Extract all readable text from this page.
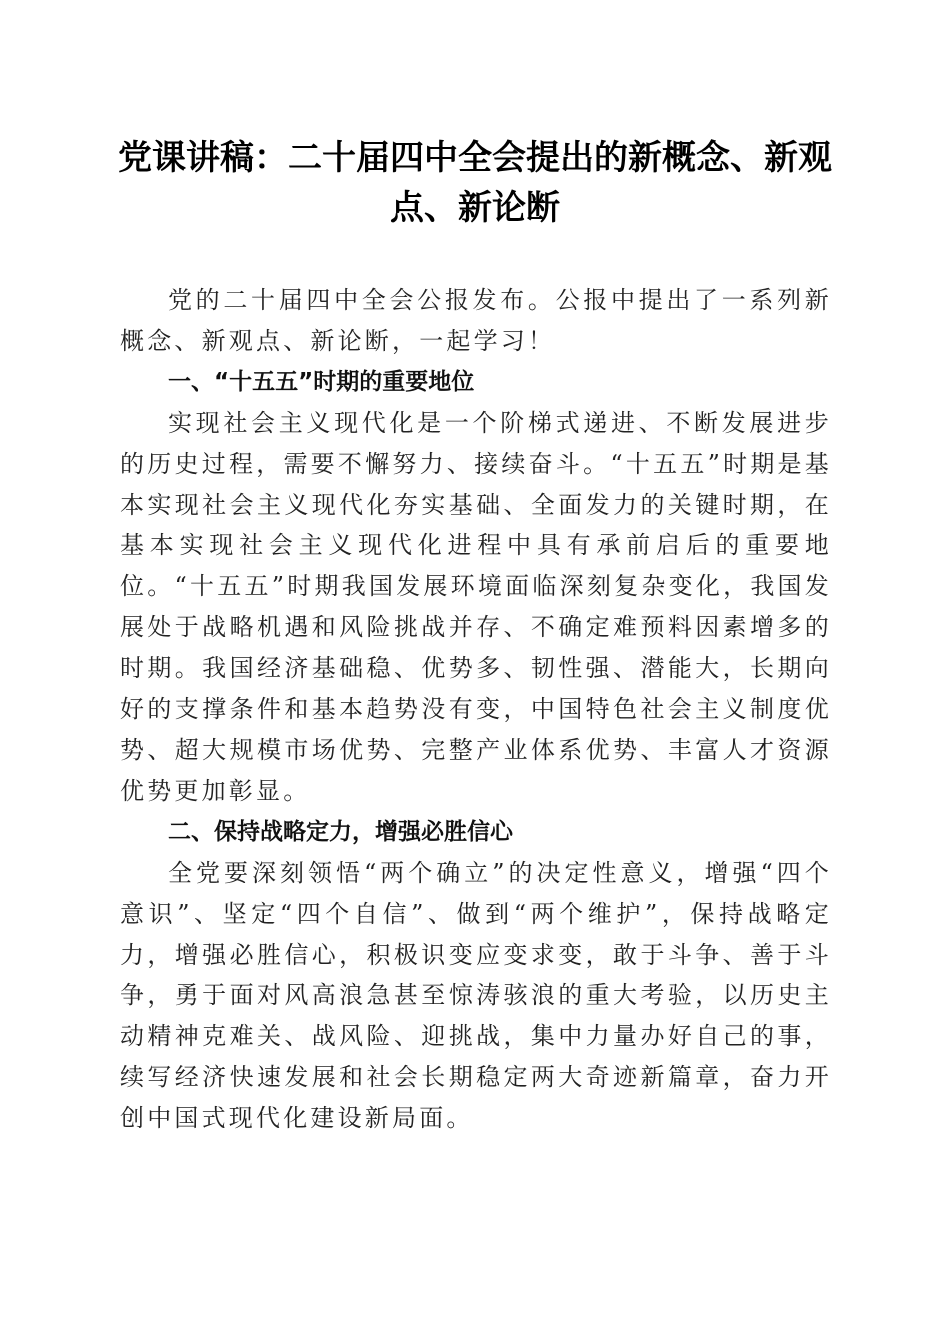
党课讲稿：二十届四中全会提出的新概念、新观点、新论断

党的二十届四中全会公报发布。公报中提出了一系列新概念、新观点、新论断，一起学习！

一、“十五五”时期的重要地位

实现社会主义现代化是一个阶梯式递进、不断发展进步的历史过程，需要不懈努力、接续奋斗。“十五五”时期是基本实现社会主义现代化夯实基础、全面发力的关键时期，在基本实现社会主义现代化进程中具有承前启后的重要地位。“十五五”时期我国发展环境面临深刻复杂变化，我国发展处于战略机遇和风险挑战并存、不确定难预料因素增多的时期。我国经济基础稳、优势多、韧性强、潜能大，长期向好的支撑条件和基本趋势没有变，中国特色社会主义制度优势、超大规模市场优势、完整产业体系优势、丰富人才资源优势更加彰显。

二、保持战略定力，增强必胜信心

全党要深刻领悟“两个确立”的决定性意义，增强“四个意识”、坚定“四个自信”、做到“两个维护”，保持战略定力，增强必胜信心，积极识变应变求变，敢于斗争、善于斗争，勇于面对风高浪急甚至惊涛骇浪的重大考验，以历史主动精神克难关、战风险、迎挑战，集中力量办好自己的事，续写经济快速发展和社会长期稳定两大奇迹新篇章，奋力开创中国式现代化建设新局面。
